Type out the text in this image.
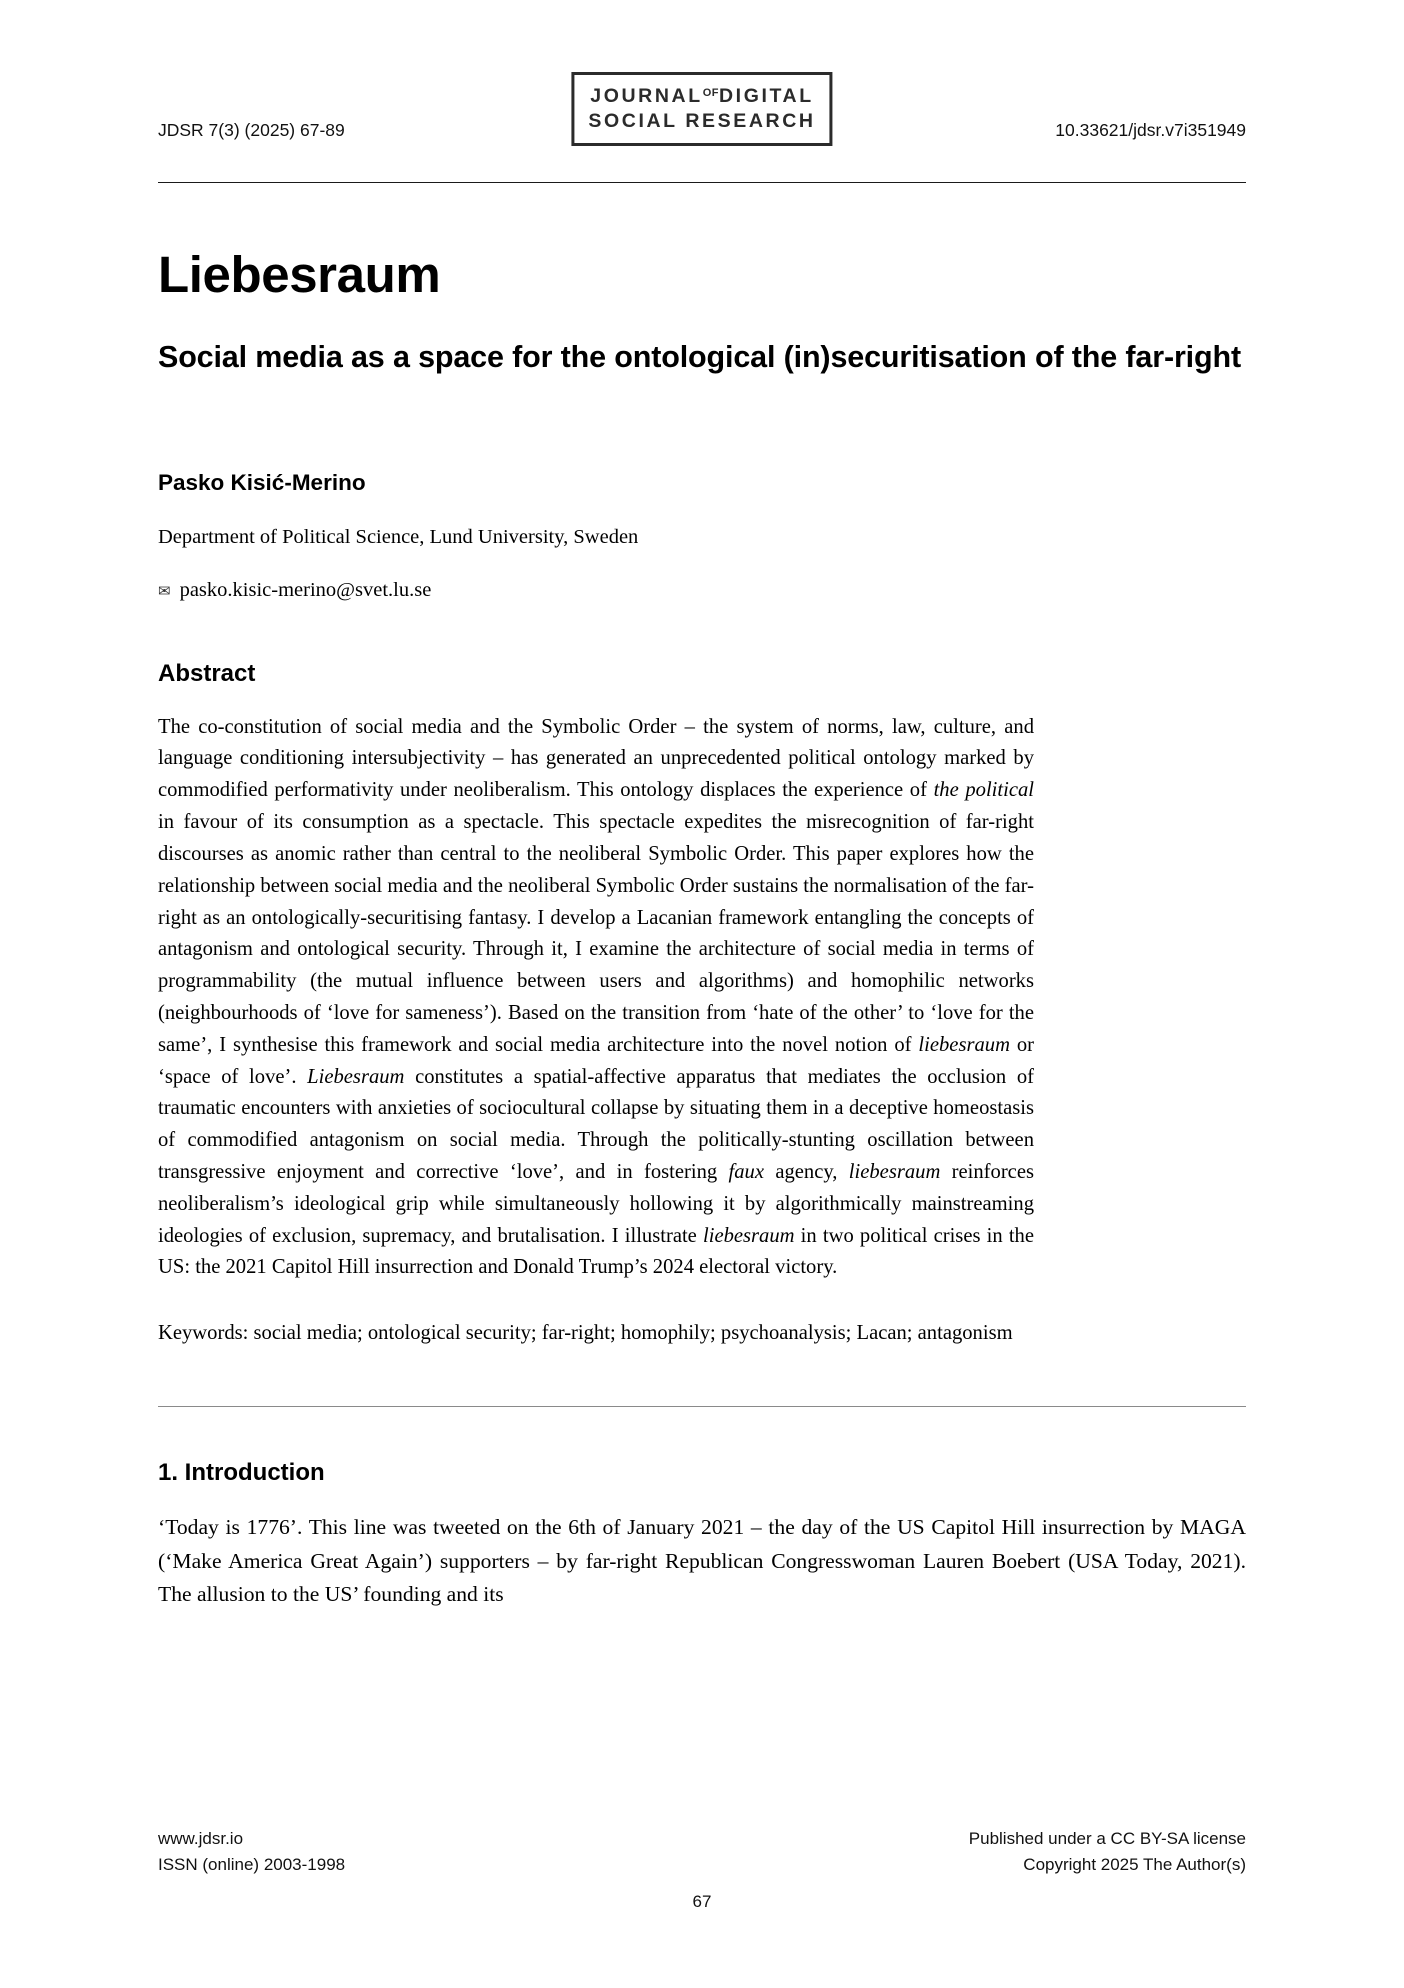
$JOURNAL^{OF}DIGITAL$
SOCIAL RESEARCH
JDSR 7(3) (2025) 67-89	10.33621/jdsr.v7i351949
Liebesraum
Social media as a space for the ontological (in)securitisation of the far-right
Pasko Kisić-Merino
Department of Political Science, Lund University, Sweden
✉ pasko.kisic-merino@svet.lu.se
Abstract

The co-constitution of social media and the Symbolic Order – the system of norms, law, culture, and language conditioning intersubjectivity – has generated an unprecedented political ontology marked by commodified performativity under neoliberalism. This ontology displaces the experience of the political in favour of its consumption as a spectacle. This spectacle expedites the misrecognition of far-right discourses as anomic rather than central to the neoliberal Symbolic Order. This paper explores how the relationship between social media and the neoliberal Symbolic Order sustains the normalisation of the far-right as an ontologically-securitising fantasy. I develop a Lacanian framework entangling the concepts of antagonism and ontological security. Through it, I examine the architecture of social media in terms of programmability (the mutual influence between users and algorithms) and homophilic networks (neighbourhoods of ‘love for sameness’). Based on the transition from ‘hate of the other’ to ‘love for the same’, I synthesise this framework and social media architecture into the novel notion of liebesraum or ‘space of love’. Liebesraum constitutes a spatial-affective apparatus that mediates the occlusion of traumatic encounters with anxieties of sociocultural collapse by situating them in a deceptive homeostasis of commodified antagonism on social media. Through the politically-stunting oscillation between transgressive enjoyment and corrective ‘love’, and in fostering faux agency, liebesraum reinforces neoliberalism’s ideological grip while simultaneously hollowing it by algorithmically mainstreaming ideologies of exclusion, supremacy, and brutalisation. I illustrate liebesraum in two political crises in the US: the 2021 Capitol Hill insurrection and Donald Trump’s 2024 electoral victory.

Keywords: social media; ontological security; far-right; homophily; psychoanalysis; Lacan; antagonism

1. Introduction

‘Today is 1776’. This line was tweeted on the 6th of January 2021 – the day of the US Capitol Hill insurrection by MAGA (‘Make America Great Again’) supporters – by far-right Republican Congresswoman Lauren Boebert (USA Today, 2021). The allusion to the US’ founding and its

www.jdsr.io
ISSN (online) 2003-1998
Published under a CC BY-SA license
Copyright 2025 The Author(s)
67
